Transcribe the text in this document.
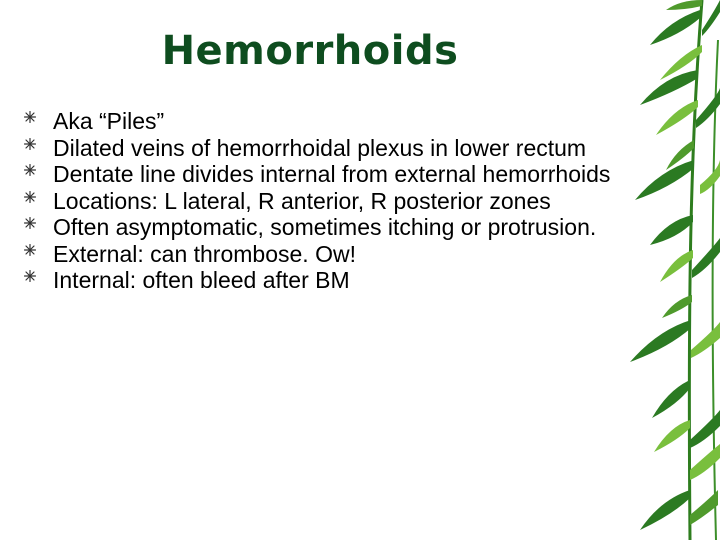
Hemorrhoids
Aka “Piles”
Dilated veins of hemorrhoidal plexus in lower rectum
Dentate line divides internal from external hemorrhoids
Locations: L lateral, R anterior, R posterior zones
Often asymptomatic, sometimes itching or protrusion.
External: can thrombose. Ow!
Internal: often bleed after BM
